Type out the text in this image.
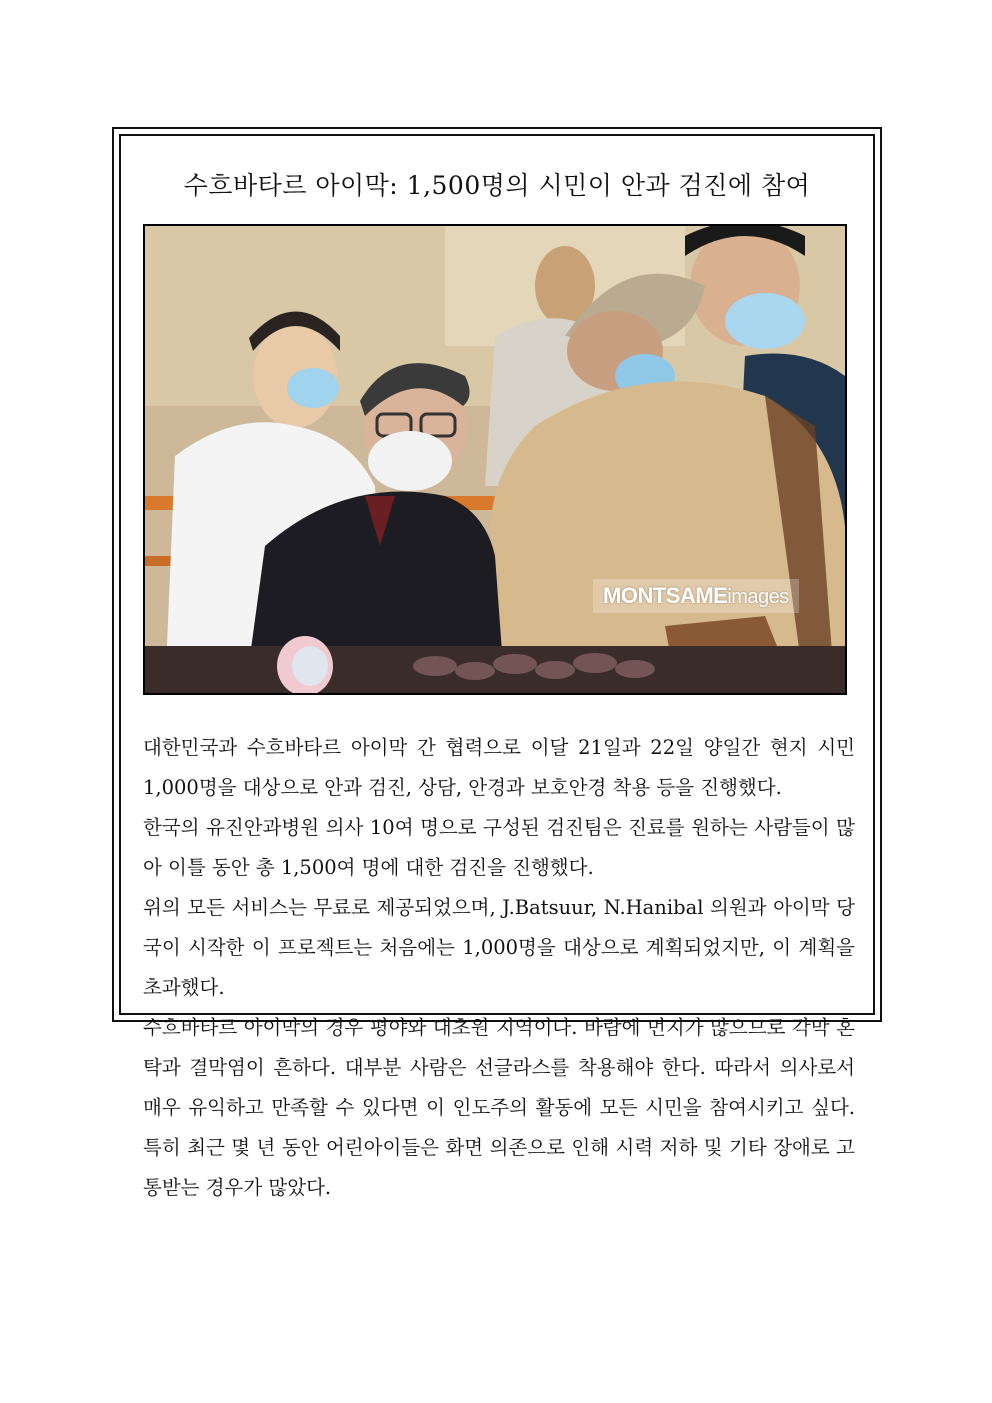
수흐바타르 아이막: 1,500명의 시민이 안과 검진에 참여
MONTSAMEimages

대한민국과 수흐바타르 아이막 간 협력으로 이달 21일과 22일 양일간 현지 시민 1,000명을 대상으로 안과 검진, 상담, 안경과 보호안경 착용 등을 진행했다.

한국의 유진안과병원 의사 10여 명으로 구성된 검진팀은 진료를 원하는 사람들이 많아 이틀 동안 총 1,500여 명에 대한 검진을 진행했다.

위의 모든 서비스는 무료로 제공되었으며, J.Batsuur, N.Hanibal 의원과 아이막 당국이 시작한 이 프로젝트는 처음에는 1,000명을 대상으로 계획되었지만, 이 계획을 초과했다.

수흐바타르 아이막의 경우 평야와 대초원 지역이다. 바람에 먼지가 많으므로 각막 혼탁과 결막염이 흔하다. 대부분 사람은 선글라스를 착용해야 한다. 따라서 의사로서 매우 유익하고 만족할 수 있다면 이 인도주의 활동에 모든 시민을 참여시키고 싶다. 특히 최근 몇 년 동안 어린아이들은 화면 의존으로 인해 시력 저하 및 기타 장애로 고통받는 경우가 많았다.
